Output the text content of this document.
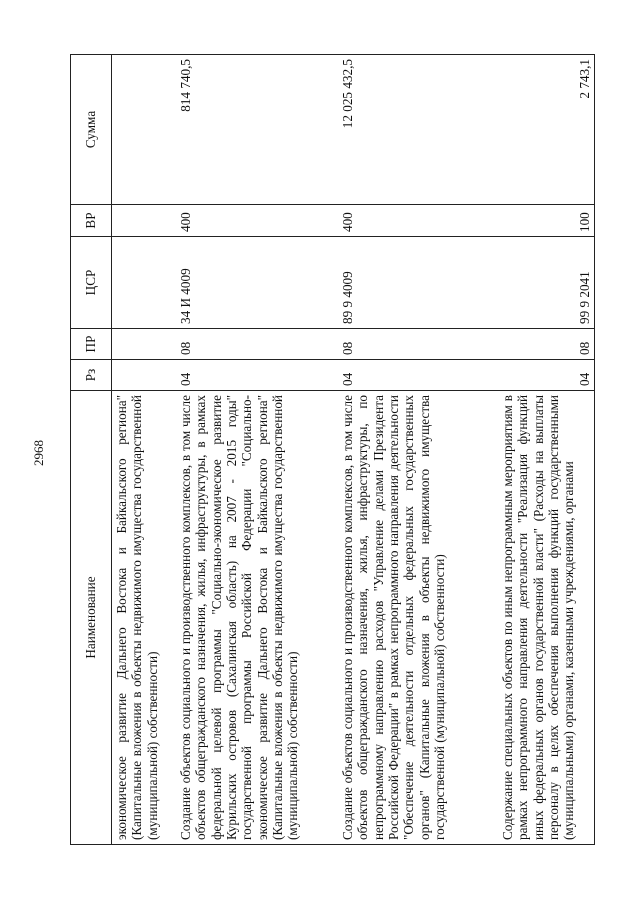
2968
Наименование	Рз	ПР	ЦСР	ВР	Сумма
экономическое развитие Дальнего Востока и Байкальского региона" (Капитальные вложения в объекты недвижимого имущества государственной (муниципальной) собственности)					
Создание объектов социального и производственного комплексов, в том числе объектов общегражданского назначения, жилья, инфраструктуры, в рамках федеральной целевой программы "Социально-экономическое развитие Курильских островов (Сахалинская область) на 2007 - 2015 годы" государственной программы Российской Федерации "Социально-экономическое развитие Дальнего Востока и Байкальского региона" (Капитальные вложения в объекты недвижимого имущества государственной (муниципальной) собственности)	04	08	34 И 4009	400	814 740,5
Создание объектов социального и производственного комплексов, в том числе объектов общегражданского назначения, жилья, инфраструктуры, по непрограммному направлению расходов "Управление делами Президента Российской Федерации" в рамках непрограммного направления деятельности "Обеспечение деятельности отдельных федеральных государственных органов" (Капитальные вложения в объекты недвижимого имущества государственной (муниципальной) собственности)	04	08	89 9 4009	400	12 025 432,5
Содержание специальных объектов по иным непрограммным мероприятиям в рамках непрограммного направления деятельности "Реализация функций иных федеральных органов государственной власти" (Расходы на выплаты персоналу в целях обеспечения выполнения функций государственными (муниципальными) органами, казенными учреждениями, органами	04	08	99 9 2041	100	2 743,1
